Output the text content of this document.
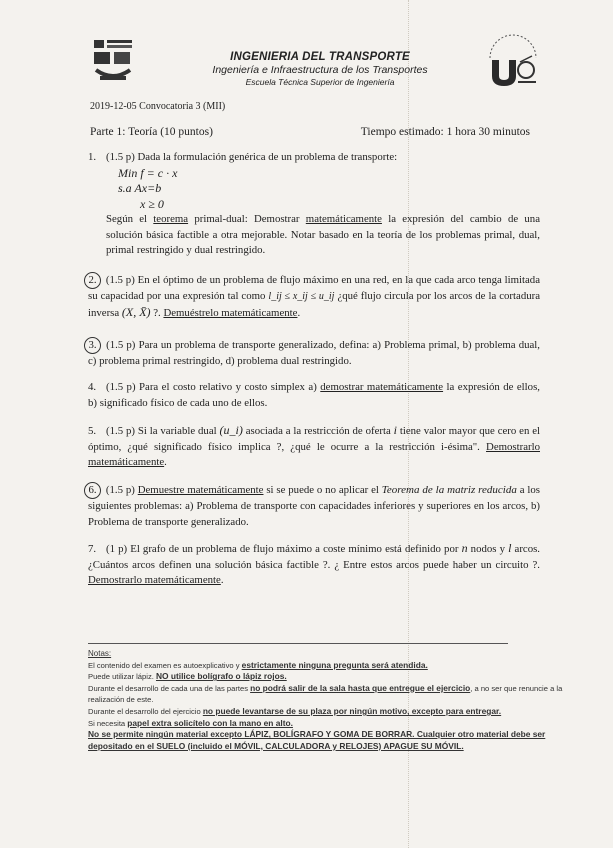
INGENIERIA DEL TRANSPORTE
Ingeniería e Infraestructura de los Transportes
Escuela Técnica Superior de Ingeniería
2019-12-05 Convocatoria 3 (MII)
Parte 1: Teoría (10 puntos)	Tiempo estimado: 1 hora 30 minutos
1. (1.5 p) Dada la formulación genérica de un problema de transporte:
Min f = c · x
s.a Ax=b
x ≥ 0
Según el teorema primal-dual: Demostrar matemáticamente la expresión del cambio de una solución básica factible a otra mejorable. Notar basado en la teoría de los problemas primal, dual, primal restringido y dual restringido.
2. (1.5 p) En el óptimo de un problema de flujo máximo en una red, en la que cada arco tenga limitada su capacidad por una expresión tal como l_ij ≤ x_ij ≤ u_ij ¿qué flujo circula por los arcos de la cortadura inversa (X, X̄) ?. Demuéstrelo matemáticamente.
3. (1.5 p) Para un problema de transporte generalizado, defina: a) Problema primal, b) problema dual, c) problema primal restringido, d) problema dual restringido.
4. (1.5 p) Para el costo relativo y costo simplex a) demostrar matemáticamente la expresión de ellos, b) significado físico de cada uno de ellos.
5. (1.5 p) Si la variable dual (u_i) asociada a la restricción de oferta i tiene valor mayor que cero en el óptimo, ¿qué significado físico implica ?, ¿qué le ocurre a la restricción i-ésima". Demostrarlo matemáticamente.
6. (1.5 p) Demuestre matemáticamente si se puede o no aplicar el Teorema de la matriz reducida a los siguientes problemas: a) Problema de transporte con capacidades inferiores y superiores en los arcos, b) Problema de transporte generalizado.
7. (1 p) El grafo de un problema de flujo máximo a coste mínimo está definido por n nodos y l arcos. ¿Cuántos arcos definen una solución básica factible ?. ¿ Entre estos arcos puede haber un circuito ?. Demostrarlo matemáticamente.
Notas:
El contenido del examen es autoexplicativo y estrictamente ninguna pregunta será atendida.
Puede utilizar lápiz. NO utilice bolígrafo o lápiz rojos.
Durante el desarrollo de cada una de las partes no podrá salir de la sala hasta que entregue el ejercicio, a no ser que renuncie a la realización de este.
Durante el desarrollo del ejercicio no puede levantarse de su plaza por ningún motivo, excepto para entregar.
Si necesita papel extra solicítelo con la mano en alto.
No se permite ningún material excepto LÁPIZ, BOLÍGRAFO Y GOMA DE BORRAR. Cualquier otro material debe ser depositado en el SUELO (incluido el MÓVIL, CALCULADORA y RELOJES) APAGUE SU MÓVIL.
